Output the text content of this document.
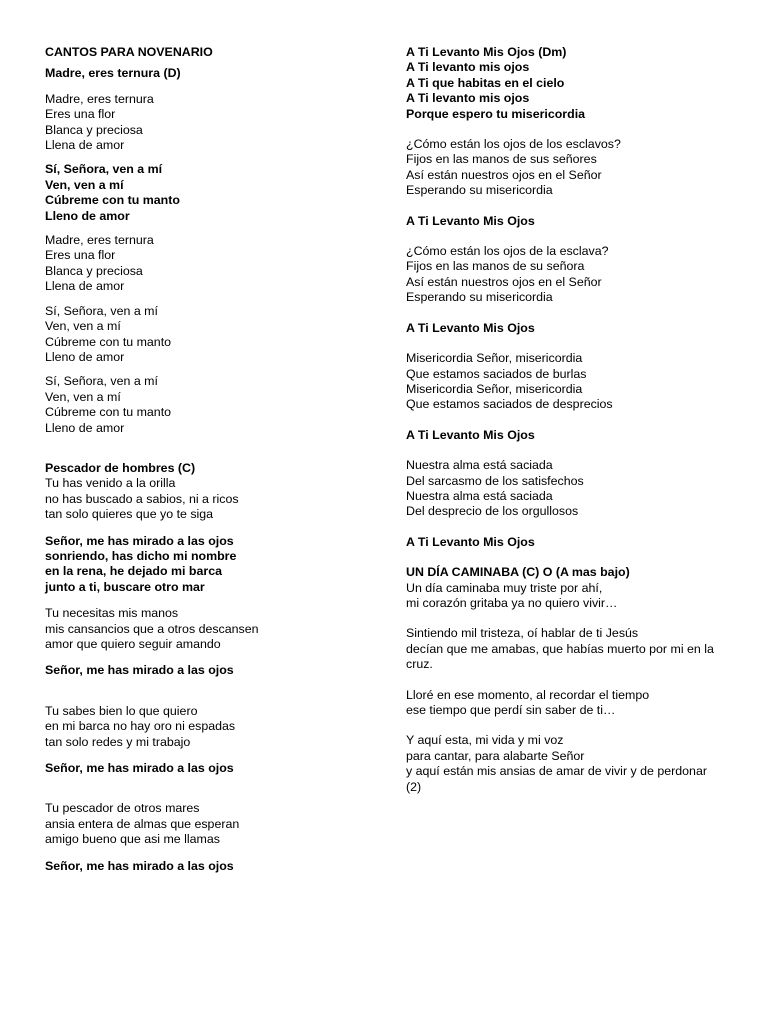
CANTOS PARA NOVENARIO
Madre, eres ternura (D)
Madre, eres ternura
Eres una flor
Blanca y preciosa
Llena de amor
Sí, Señora, ven a mí
Ven, ven a mí
Cúbreme con tu manto
Lleno de amor
Madre, eres ternura
Eres una flor
Blanca y preciosa
Llena de amor
Sí, Señora, ven a mí
Ven, ven a mí
Cúbreme con tu manto
Lleno de amor
Sí, Señora, ven a mí
Ven, ven a mí
Cúbreme con tu manto
Lleno de amor
Pescador de hombres (C)
Tu has venido a la orilla
no has buscado a sabios, ni a ricos
tan solo quieres que yo te siga
Señor, me has mirado a las ojos
sonriendo, has dicho mi nombre
en la rena, he dejado mi barca
junto a ti, buscare otro mar
Tu necesitas mis manos
mis cansancios que a otros descansen
amor que quiero seguir amando
Señor, me has mirado a las ojos
Tu sabes bien lo que quiero
en mi barca no hay oro ni espadas
tan solo redes y mi trabajo
Señor, me has mirado a las ojos
Tu pescador de otros mares
ansia entera de almas que esperan
amigo bueno que asi me llamas
Señor, me has mirado a las ojos
A Ti Levanto Mis Ojos (Dm)
A Ti levanto mis ojos
A Ti que habitas en el cielo
A Ti levanto mis ojos
Porque espero tu misericordia
¿Cómo están los ojos de los esclavos?
Fijos en las manos de sus señores
Así están nuestros ojos en el Señor
Esperando su misericordia
A Ti Levanto Mis Ojos
¿Cómo están los ojos de la esclava?
Fijos en las manos de su señora
Así están nuestros ojos en el Señor
Esperando su misericordia
A Ti Levanto Mis Ojos
Misericordia Señor, misericordia
Que estamos saciados de burlas
Misericordia Señor, misericordia
Que estamos saciados de desprecios
A Ti Levanto Mis Ojos
Nuestra alma está saciada
Del sarcasmo de los satisfechos
Nuestra alma está saciada
Del desprecio de los orgullosos
A Ti Levanto Mis Ojos
UN DÍA CAMINABA (C) O (A mas bajo)
Un día caminaba muy triste por ahí,
mi corazón gritaba ya no quiero vivir…
Sintiendo mil tristeza, oí hablar de ti Jesús
decían que me amabas, que habías muerto por mi en la
cruz.
Lloré en ese momento, al recordar el tiempo
ese tiempo que perdí sin saber de ti…
Y aquí esta, mi vida y mi voz
para cantar, para alabarte Señor
y aquí están mis ansias de amar de vivir y de perdonar
(2)
